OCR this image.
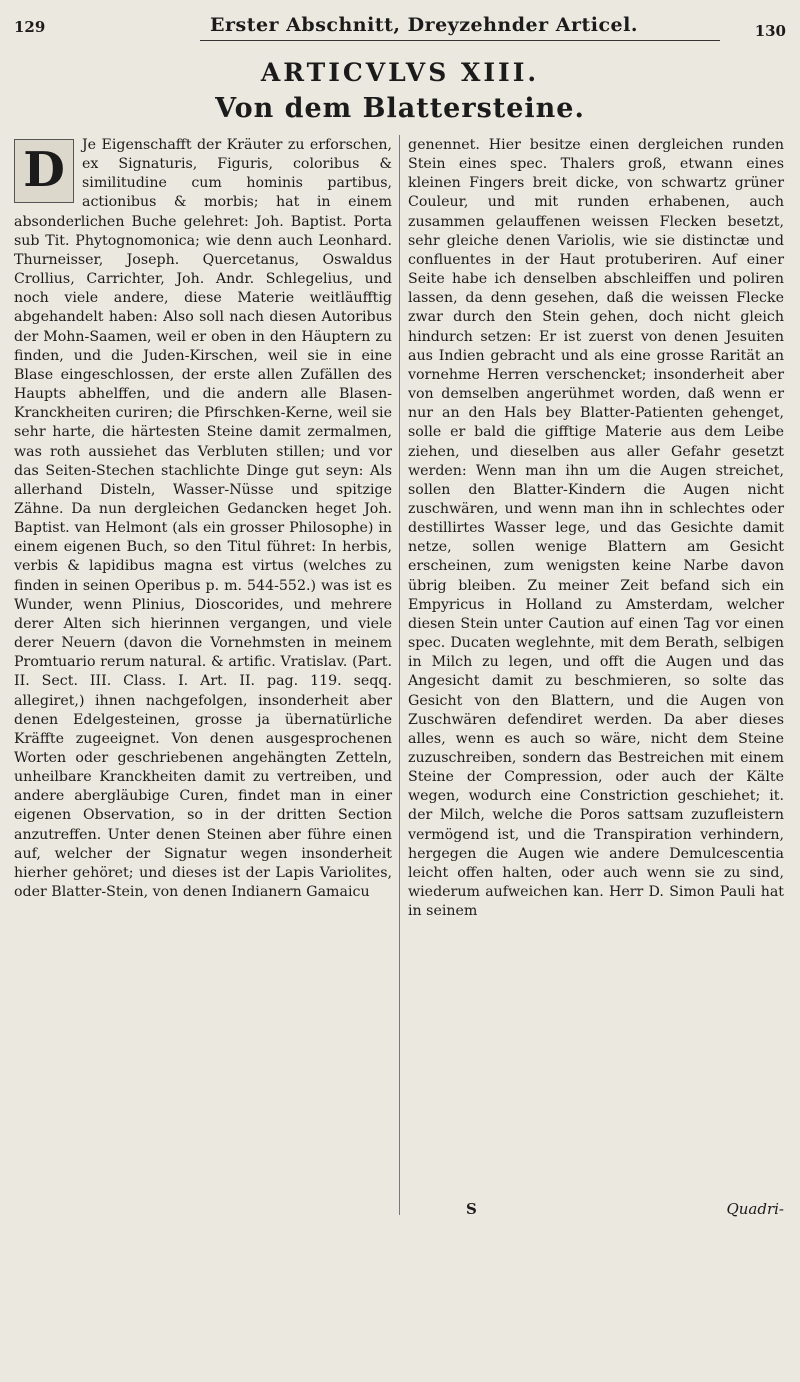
129	Erster Abschnitt, Dreyzehnder Articel.	130
ARTICVLVS XIII.
Von dem Blattersteine.
D	Je Eigenschafft der Kräuter zu erforschen, ex Signaturis, Figuris, coloribus & similitudine cum hominis partibus, actionibus & morbis; hat in einem absonderlichen Buche gelehret: Joh. Baptist. Porta sub Tit. Phytognomonica; wie denn auch Leonhard. Thurneisser, Joseph. Quercetanus, Oswaldus Crollius, Carrichter, Joh. Andr. Schlegelius, und noch viele andere, diese Materie weitläufftig abgehandelt haben: Also soll nach diesen Autoribus der Mohn-Saamen, weil er oben in den Häuptern zu finden, und die Juden-Kirschen, weil sie in eine Blase eingeschlossen, der erste allen Zufällen des Haupts abhelffen, und die andern alle Blasen-Kranckheiten curiren; die Pfirschken-Kerne, weil sie sehr harte, die härtesten Steine damit zermalmen, was roth aussiehet das Verbluten stillen; und vor das Seiten-Stechen stachlichte Dinge gut seyn: Als allerhand Disteln, Wasser-Nüsse und spitzige Zähne. Da nun dergleichen Gedancken heget Joh. Baptist. van Helmont (als ein grosser Philosophe) in einem eigenen Buch, so den Titul führet: In herbis, verbis & lapidibus magna est virtus (welches zu finden in seinen Operibus p. m. 544-552.) was ist es Wunder, wenn Plinius, Dioscorides, und mehrere derer Alten sich hierinnen vergangen, und viele derer Neuern (davon die Vornehmsten in meinem Promtuario rerum natural. & artific. Vratislav. (Part. II. Sect. III. Class. I. Art. II. pag. 119. seqq. allegiret,) ihnen nachgefolgen, insonderheit aber denen Edelgesteinen, grosse ja übernatürliche Kräffte zugeeignet. Von denen ausgesprochenen Worten oder geschriebenen angehängten Zetteln, unheilbare Kranckheiten damit zu vertreiben, und andere abergläubige Curen, findet man in einer eigenen Observation, so in der dritten Section anzutreffen. Unter denen Steinen aber führe einen auf, welcher der Signatur wegen insonderheit hierher gehöret; und dieses ist der Lapis Variolites, oder Blatter-Stein, von denen Indianern Gamaicu
genennet. Hier besitze einen dergleichen runden Stein eines spec. Thalers groß, etwann eines kleinen Fingers breit dicke, von schwartz grüner Couleur, und mit runden erhabenen, auch zusammen gelauffenen weissen Flecken besetzt, sehr gleiche denen Variolis, wie sie distinctæ und confluentes in der Haut protuberiren. Auf einer Seite habe ich denselben abschleiffen und poliren lassen, da denn gesehen, daß die weissen Flecke zwar durch den Stein gehen, doch nicht gleich hindurch setzen: Er ist zuerst von denen Jesuiten aus Indien gebracht und als eine grosse Rarität an vornehme Herren verschencket; insonderheit aber von demselben angerühmet worden, daß wenn er nur an den Hals bey Blatter-Patienten gehenget, solle er bald die gifftige Materie aus dem Leibe ziehen, und dieselben aus aller Gefahr gesetzt werden: Wenn man ihn um die Augen streichet, sollen den Blatter-Kindern die Augen nicht zuschwären, und wenn man ihn in schlechtes oder destillirtes Wasser lege, und das Gesichte damit netze, sollen wenige Blattern am Gesicht erscheinen, zum wenigsten keine Narbe davon übrig bleiben. Zu meiner Zeit befand sich ein Empyricus in Holland zu Amsterdam, welcher diesen Stein unter Caution auf einen Tag vor einen spec. Ducaten weglehnte, mit dem Berath, selbigen in Milch zu legen, und offt die Augen und das Angesicht damit zu beschmieren, so solte das Gesicht von den Blattern, und die Augen von Zuschwären defendiret werden. Da aber dieses alles, wenn es auch so wäre, nicht dem Steine zuzuschreiben, sondern das Bestreichen mit einem Steine der Compression, oder auch der Kälte wegen, wodurch eine Constriction geschiehet; it. der Milch, welche die Poros sattsam zuzufleistern vermögend ist, und die Transpiration verhindern, hergegen die Augen wie andere Demulcescentia leicht offen halten, oder auch wenn sie zu sind, wiederum aufweichen kan. Herr D. Simon Pauli hat in seinem
S	Quadri-
